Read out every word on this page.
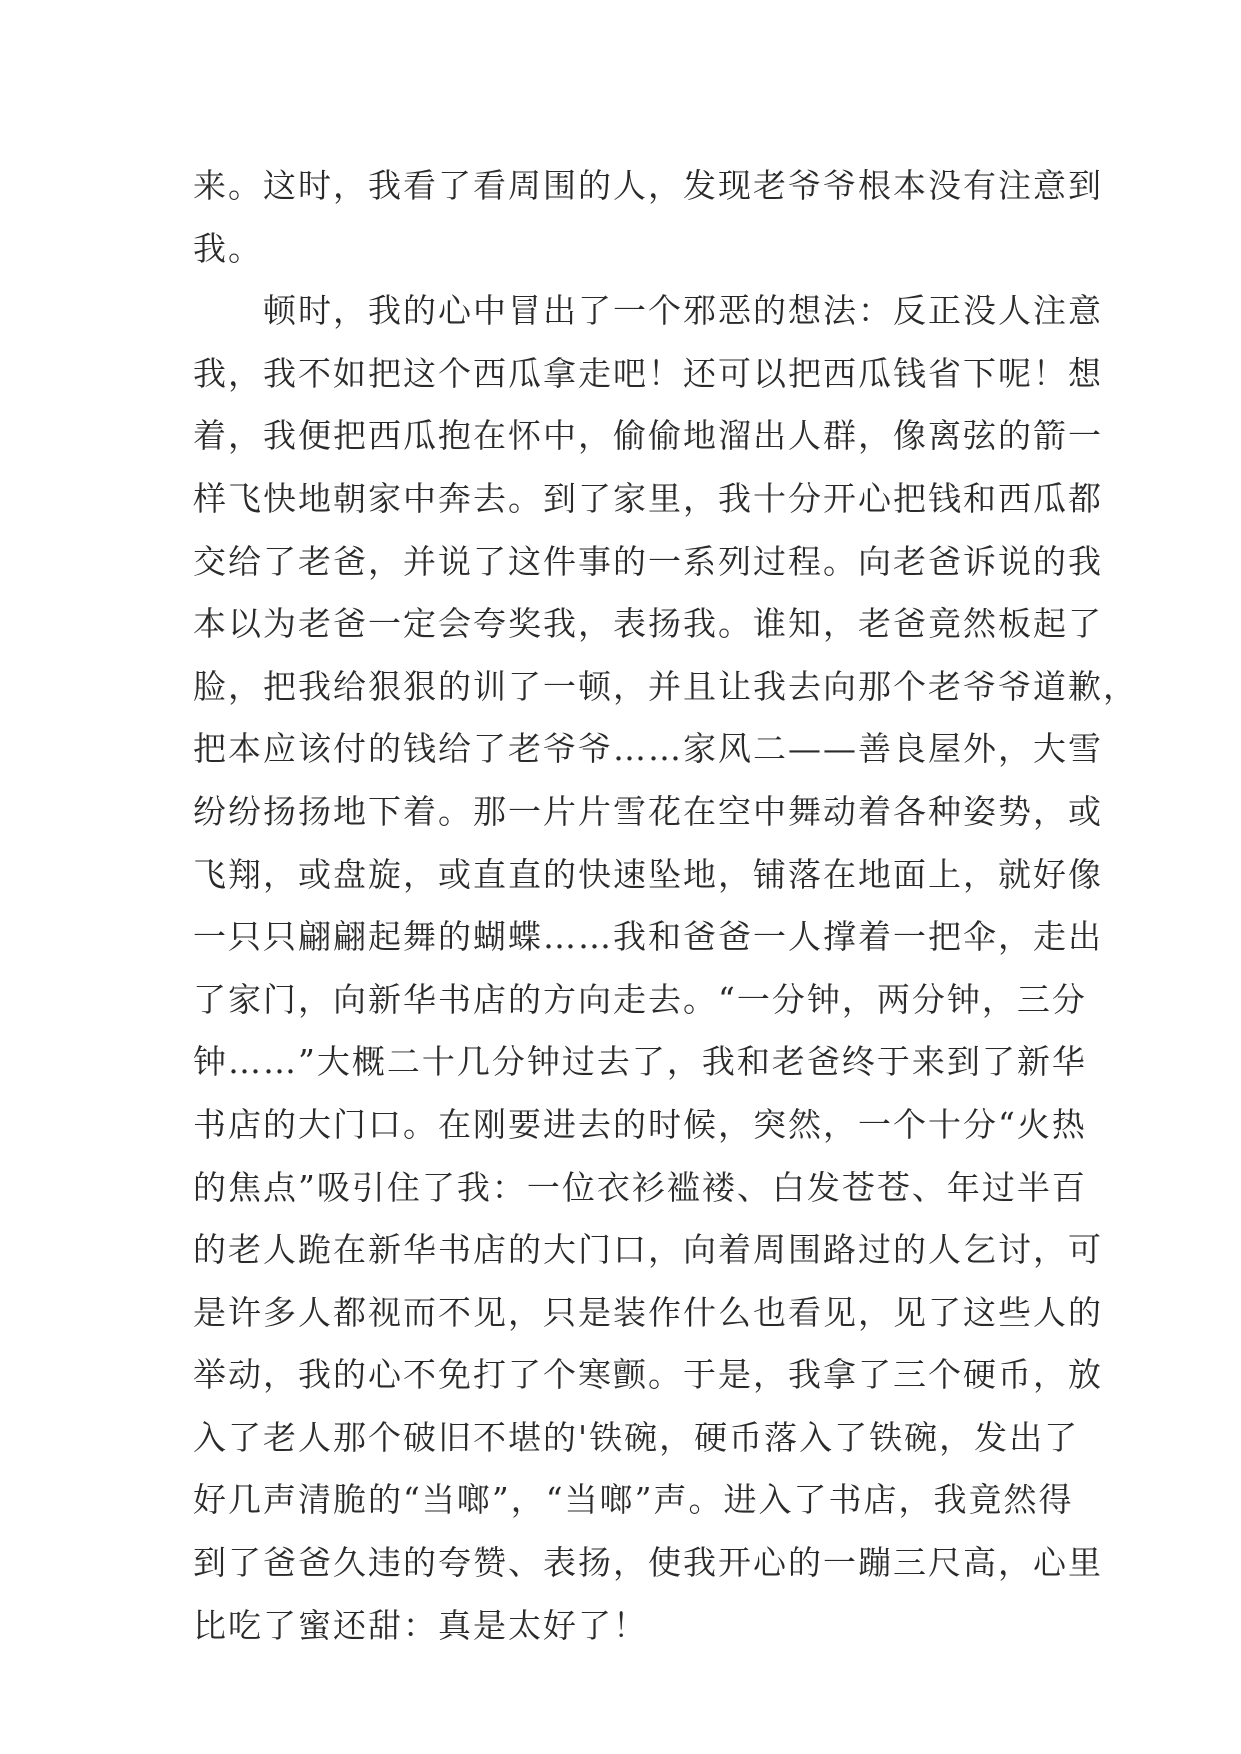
来。这时，我看了看周围的人，发现老爷爷根本没有注意到
我。
　　顿时，我的心中冒出了一个邪恶的想法：反正没人注意
我，我不如把这个西瓜拿走吧！还可以把西瓜钱省下呢！想
着，我便把西瓜抱在怀中，偷偷地溜出人群，像离弦的箭一
样飞快地朝家中奔去。到了家里，我十分开心把钱和西瓜都
交给了老爸，并说了这件事的一系列过程。向老爸诉说的我
本以为老爸一定会夸奖我，表扬我。谁知，老爸竟然板起了
脸，把我给狠狠的训了一顿，并且让我去向那个老爷爷道歉，
把本应该付的钱给了老爷爷……家风二——善良屋外，大雪
纷纷扬扬地下着。那一片片雪花在空中舞动着各种姿势，或
飞翔，或盘旋，或直直的快速坠地，铺落在地面上，就好像
一只只翩翩起舞的蝴蝶……我和爸爸一人撑着一把伞，走出
了家门，向新华书店的方向走去。“一分钟，两分钟，三分
钟……”大概二十几分钟过去了，我和老爸终于来到了新华
书店的大门口。在刚要进去的时候，突然，一个十分“火热
的焦点”吸引住了我：一位衣衫褴褛、白发苍苍、年过半百
的老人跪在新华书店的大门口，向着周围路过的人乞讨，可
是许多人都视而不见，只是装作什么也看见，见了这些人的
举动，我的心不免打了个寒颤。于是，我拿了三个硬币，放
入了老人那个破旧不堪的'铁碗，硬币落入了铁碗，发出了
好几声清脆的“当啷”，“当啷”声。进入了书店，我竟然得
到了爸爸久违的夸赞、表扬，使我开心的一蹦三尺高，心里
比吃了蜜还甜：真是太好了！
